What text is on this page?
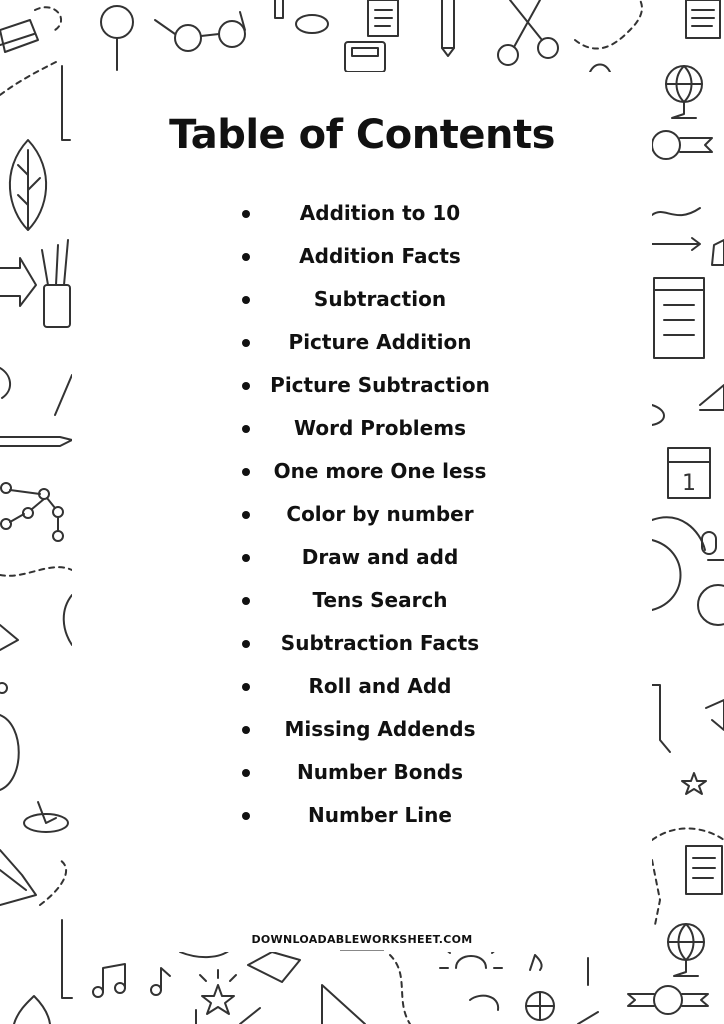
1
Table of Contents
Addition to 10
Addition Facts
Subtraction
Picture Addition
Picture Subtraction
Word Problems
One more One less
Color by number
Draw and add
Tens Search
Subtraction Facts
Roll and Add
Missing Addends
Number Bonds
Number Line
DOWNLOADABLEWORKSHEET.COM
